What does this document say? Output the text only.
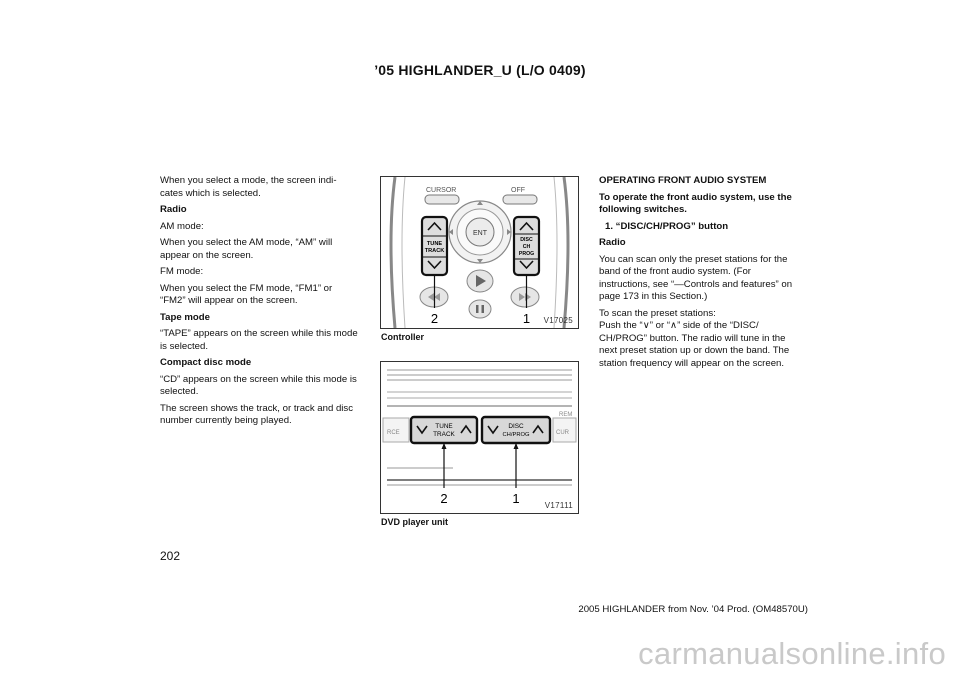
’05 HIGHLANDER_U (L/O 0409)

When you select a mode, the screen indi- cates which is selected.

Radio

AM mode:

When you select the AM mode, “AM” will appear on the screen.

FM mode:

When you select the FM mode, “FM1” or “FM2” will appear on the screen.

Tape mode

“TAPE” appears on the screen while this mode is selected.

Compact disc mode

“CD” appears on the screen while this mode is selected.

The screen shows the track, or track and disc number currently being played.

CURSOR	OFF
ENT
TUNE
TRACK
DISC
CH
PROG
2	1 V17025
Controller
REM
RCE	CUR
TUNE
TRACK
DISC
CH/PROG
2	1	V17111
DVD player unit

OPERATING FRONT AUDIO SYSTEM

To operate the front audio system, use the following switches.

1. “DISC/CH/PROG” button

Radio

You can scan only the preset stations for the band of the front audio system. (For instructions, see “—Controls and features” on page 173 in this Section.)

To scan the preset stations:
Push the “∨” or “∧” side of the “DISC/ CH/PROG” button. The radio will tune in the next preset station up or down the band. The station frequency will appear on the screen.

202
2005 HIGHLANDER from Nov. ’04 Prod. (OM48570U)
carmanualsonline.info
